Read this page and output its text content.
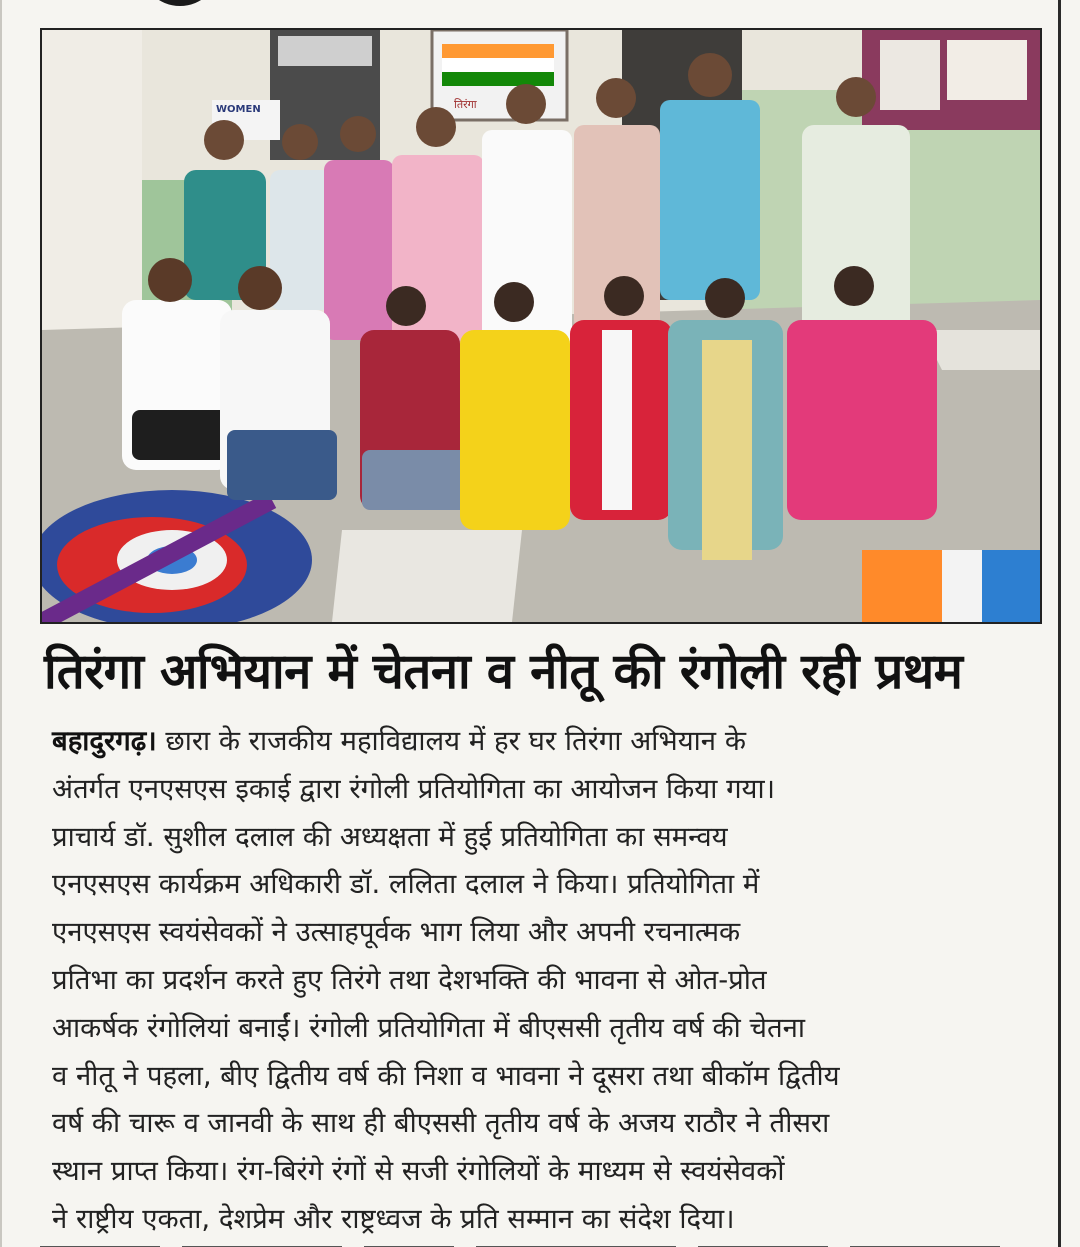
तिरंगा
WOMEN
तिरंगा अभियान में चेतना व नीतू की रंगोली रही प्रथम

बहादुरगढ़। छारा के राजकीय महाविद्यालय में हर घर तिरंगा अभियान के
अंतर्गत एनएसएस इकाई द्वारा रंगोली प्रतियोगिता का आयोजन किया गया।
प्राचार्य डॉ. सुशील दलाल की अध्यक्षता में हुई प्रतियोगिता का समन्वय
एनएसएस कार्यक्रम अधिकारी डॉ. ललिता दलाल ने किया। प्रतियोगिता में
एनएसएस स्वयंसेवकों ने उत्साहपूर्वक भाग लिया और अपनी रचनात्मक
प्रतिभा का प्रदर्शन करते हुए तिरंगे तथा देशभक्ति की भावना से ओत-प्रोत
आकर्षक रंगोलियां बनाईं। रंगोली प्रतियोगिता में बीएससी तृतीय वर्ष की चेतना
व नीतू ने पहला, बीए द्वितीय वर्ष की निशा व भावना ने दूसरा तथा बीकॉम द्वितीय
वर्ष की चारू व जानवी के साथ ही बीएससी तृतीय वर्ष के अजय राठौर ने तीसरा
स्थान प्राप्त किया। रंग-बिरंगे रंगों से सजी रंगोलियों के माध्यम से स्वयंसेवकों
ने राष्ट्रीय एकता, देशप्रेम और राष्ट्रध्वज के प्रति सम्मान का संदेश दिया।
